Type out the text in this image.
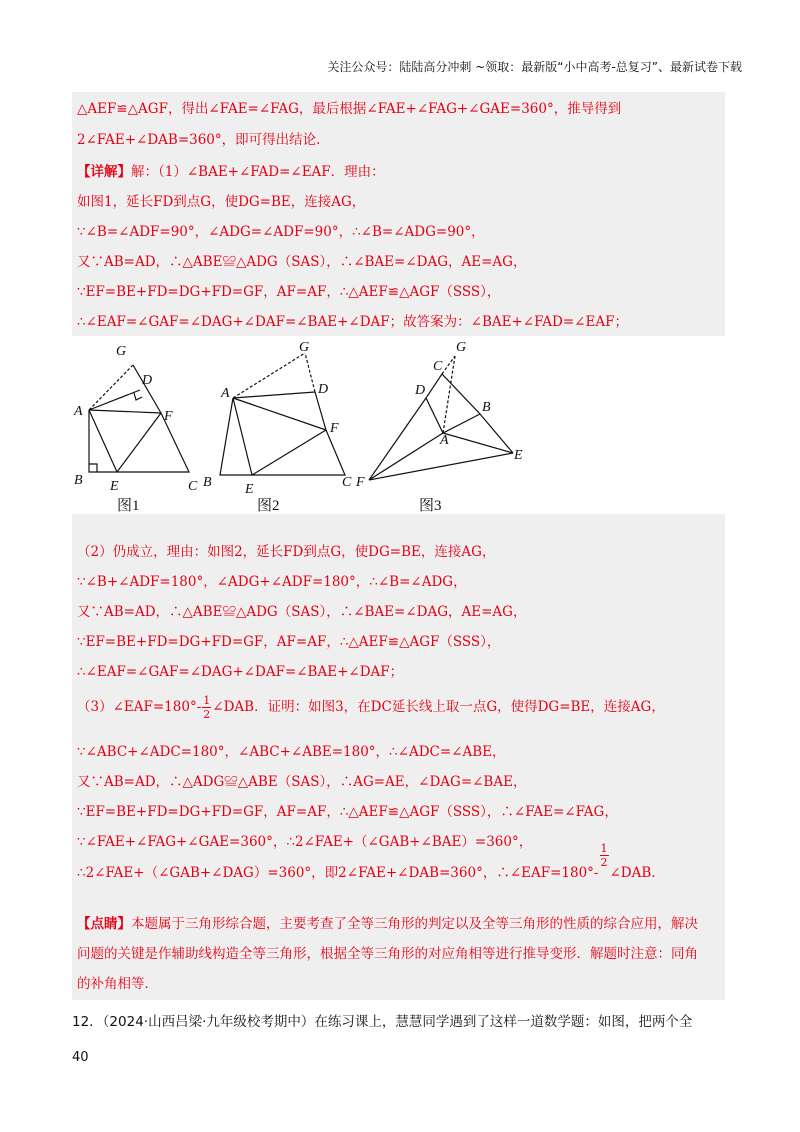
关注公众号：陆陆高分冲刺 ~领取：最新版“小中高考-总复习”、最新试卷下载
△AEF≌△AGF，得出∠FAE=∠FAG，最后根据∠FAE+∠FAG+∠GAE=360°，推导得到
2∠FAE+∠DAB=360°，即可得出结论．
【详解】解：（1）∠BAE+∠FAD=∠EAF．理由：
如图1，延长FD到点G，使DG=BE，连接AG，
∵∠B=∠ADF=90°，∠ADG=∠ADF=90°，∴∠B=∠ADG=90°，
又∵AB=AD，∴△ABE≌△ADG（SAS），∴∠BAE=∠DAG，AE=AG，
∵EF=BE+FD=DG+FD=GF，AF=AF，∴△AEF≌△AGF（SSS），
∴∠EAF=∠GAF=∠DAG+∠DAF=∠BAE+∠DAF；故答案为：∠BAE+∠FAD=∠EAF；
G
D
A	F
B E	C
G
A	D
F
B E	C
C
G
D
B
A
E
F
图1	图2	图3
（2）仍成立，理由：如图2，延长FD到点G，使DG=BE，连接AG，
∵∠B+∠ADF=180°，∠ADG+∠ADF=180°，∴∠B=∠ADG，
又∵AB=AD，∴△ABE≌△ADG（SAS），∴∠BAE=∠DAG，AE=AG，
∵EF=BE+FD=DG+FD=GF，AF=AF，∴△AEF≌△AGF（SSS），
∴∠EAF=∠GAF=∠DAG+∠DAF=∠BAE+∠DAF；
（3）∠EAF=180°- $\frac{1}{2}$ ∠DAB．证明：如图3，在DC延长线上取一点G，使得DG=BE，连接AG，
∵∠ABC+∠ADC=180°，∠ABC+∠ABE=180°，∴∠ADC=∠ABE，
又∵AB=AD，∴△ADG≌△ABE（SAS），∴AG=AE，∠DAG=∠BAE，
∵EF=BE+FD=DG+FD=GF，AF=AF，∴△AEF≌△AGF（SSS），∴∠FAE=∠FAG，
∵∠FAE+∠FAG+∠GAE=360°，∴2∠FAE+（∠GAB+∠BAE）=360°，
∴2∠FAE+（∠GAB+∠DAG）=360°，即2∠FAE+∠DAB=360°，∴∠EAF=180°-
$\frac{1}{2}$
∠DAB．
【点睛】本题属于三角形综合题，主要考查了全等三角形的判定以及全等三角形的性质的综合应用，解决
问题的关键是作辅助线构造全等三角形，根据全等三角形的对应角相等进行推导变形．解题时注意：同角
的补角相等．
12．（2024·山西吕梁·九年级校考期中）在练习课上，慧慧同学遇到了这样一道数学题：如图，把两个全
40
